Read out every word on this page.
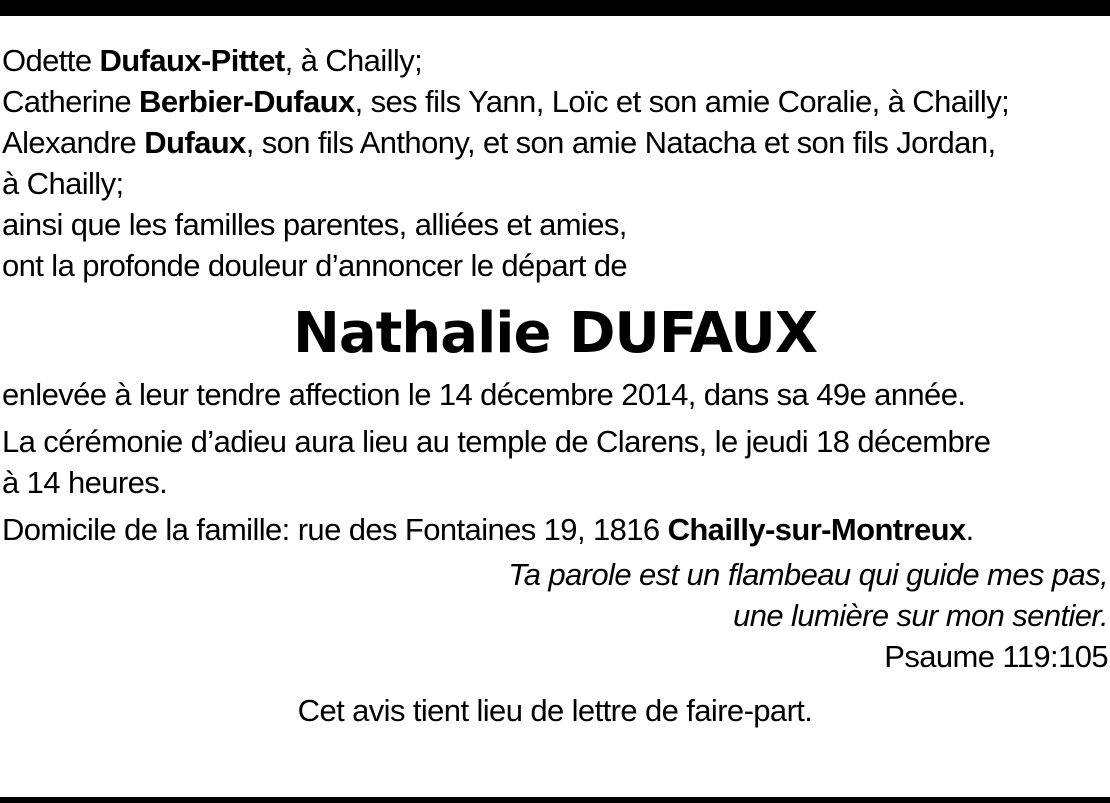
Odette Dufaux-Pittet, à Chailly;

Catherine Berbier-Dufaux, ses fils Yann, Loïc et son amie Coralie, à Chailly;

Alexandre Dufaux, son fils Anthony, et son amie Natacha et son fils Jordan,

à Chailly;

ainsi que les familles parentes, alliées et amies,

ont la profonde douleur d’annoncer le départ de

Nathalie DUFAUX

enlevée à leur tendre affection le 14 décembre 2014, dans sa 49e année.

La cérémonie d’adieu aura lieu au temple de Clarens, le jeudi 18 décembre
à 14 heures.

Domicile de la famille: rue des Fontaines 19, 1816 Chailly-sur-Montreux.

Ta parole est un flambeau qui guide mes pas,
une lumière sur mon sentier.
Psaume 119:105
Cet avis tient lieu de lettre de faire-part.
